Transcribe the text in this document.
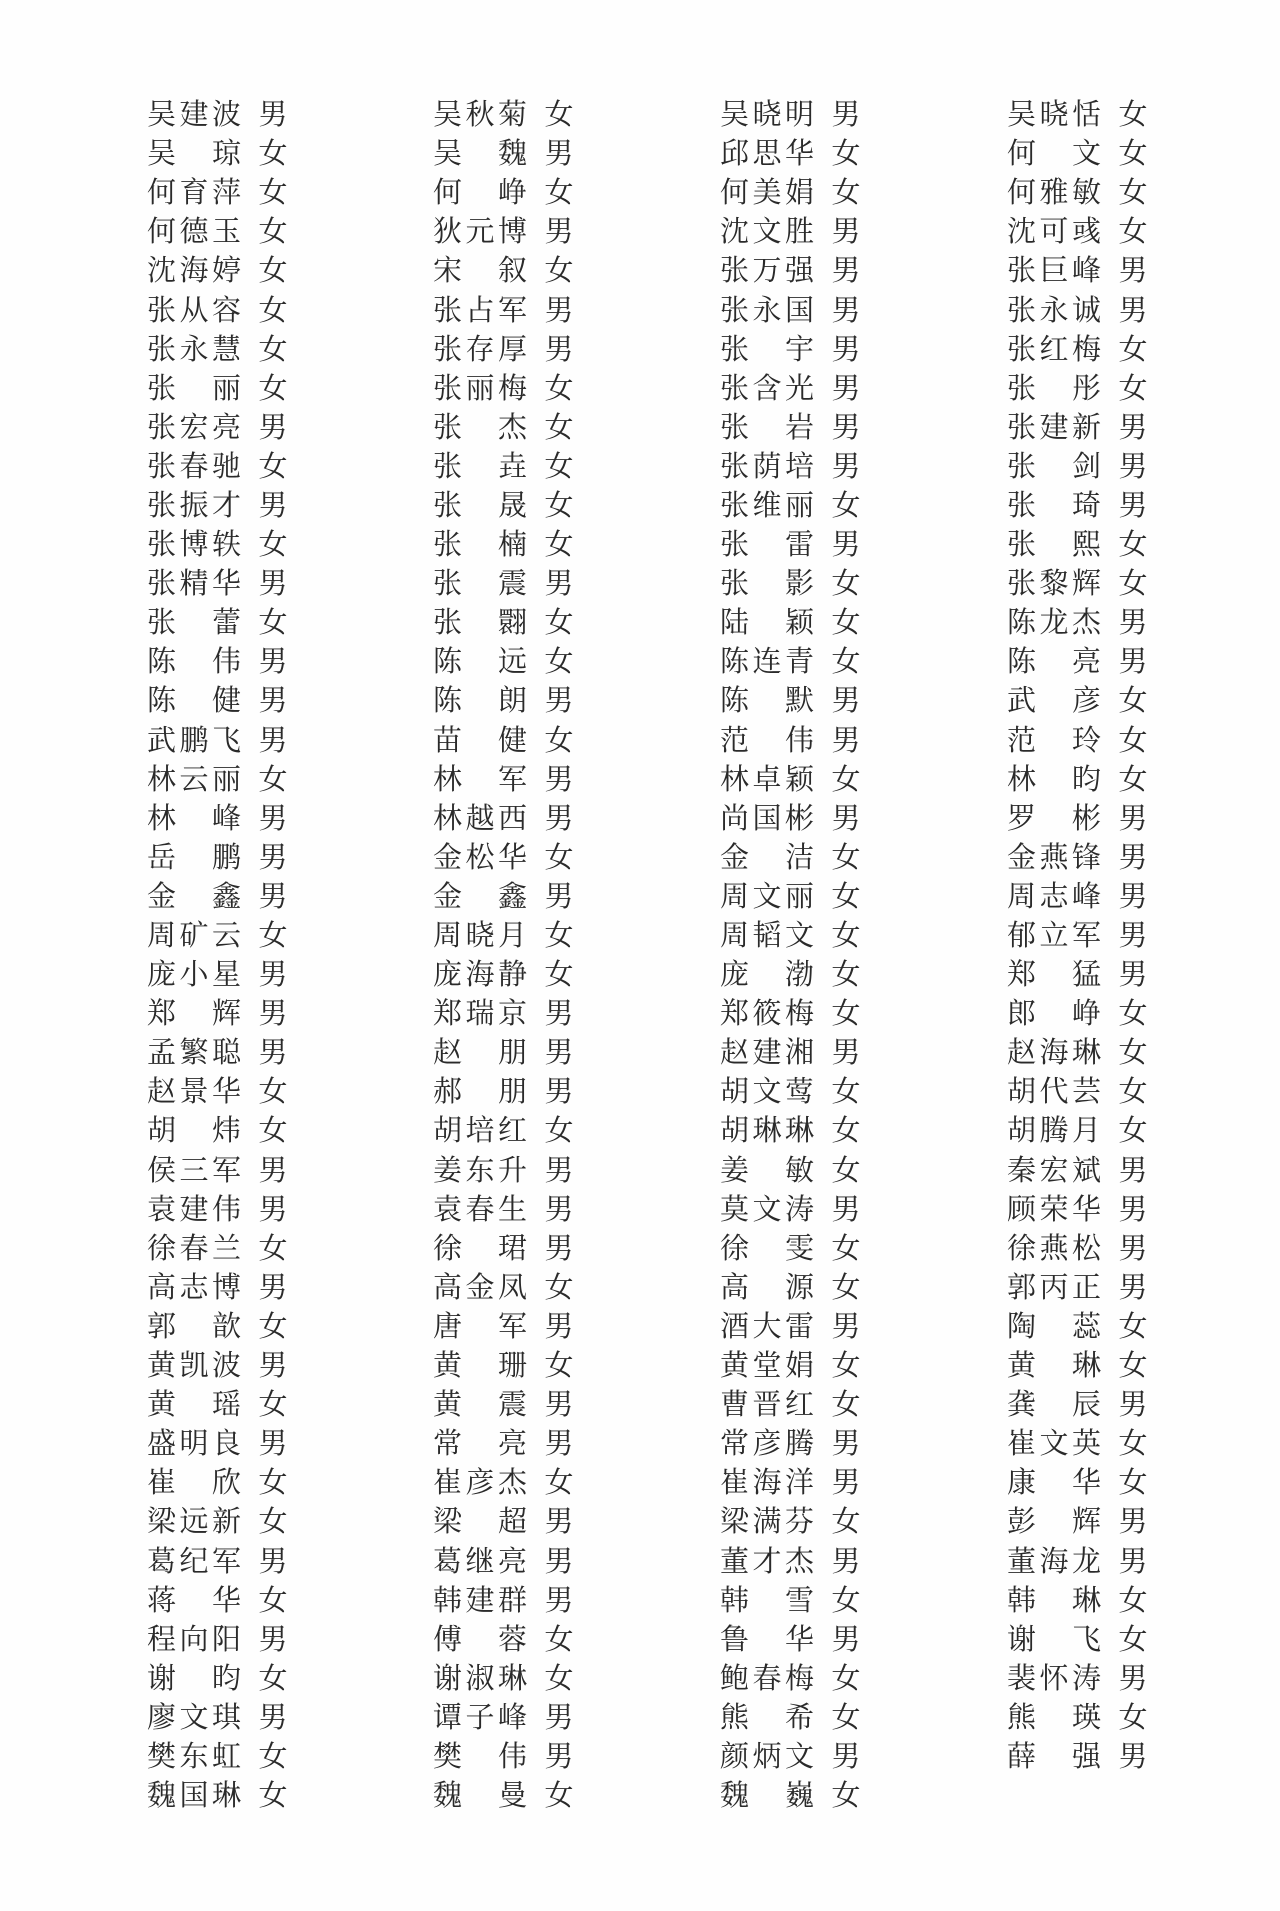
吴建波 男
吴琼 女
何育萍 女
何德玉 女
沈海婷 女
张从容 女
张永慧 女
张丽 女
张宏亮 男
张春驰 女
张振才 男
张博轶 女
张精华 男
张蕾 女
陈伟 男
陈健 男
武鹏飞 男
林云丽 女
林峰 男
岳鹏 男
金鑫 男
周矿云 女
庞小星 男
郑辉 男
孟繁聪 男
赵景华 女
胡炜 女
侯三军 男
袁建伟 男
徐春兰 女
高志博 男
郭歆 女
黄凯波 男
黄瑶 女
盛明良 男
崔欣 女
梁远新 女
葛纪军 男
蒋华 女
程向阳 男
谢昀 女
廖文琪 男
樊东虹 女
魏国琳 女
吴秋菊 女
吴魏 男
何峥 女
狄元博 男
宋叙 女
张占军 男
张存厚 男
张丽梅 女
张杰 女
张垚 女
张晟 女
张楠 女
张震 男
张翾 女
陈远 女
陈朗 男
苗健 女
林军 男
林越西 男
金松华 女
金鑫 男
周晓月 女
庞海静 女
郑瑞京 男
赵朋 男
郝朋 男
胡培红 女
姜东升 男
袁春生 男
徐珺 男
高金凤 女
唐军 男
黄珊 女
黄震 男
常亮 男
崔彦杰 女
梁超 男
葛继亮 男
韩建群 男
傅蓉 女
谢淑琳 女
谭子峰 男
樊伟 男
魏曼 女
吴晓明 男
邱思华 女
何美娟 女
沈文胜 男
张万强 男
张永国 男
张宇 男
张含光 男
张岩 男
张荫培 男
张维丽 女
张雷 男
张影 女
陆颖 女
陈连青 女
陈默 男
范伟 男
林卓颖 女
尚国彬 男
金洁 女
周文丽 女
周韬文 女
庞渤 女
郑筱梅 女
赵建湘 男
胡文莺 女
胡琳琳 女
姜敏 女
莫文涛 男
徐雯 女
高源 女
酒大雷 男
黄堂娟 女
曹晋红 女
常彦腾 男
崔海洋 男
梁满芬 女
董才杰 男
韩雪 女
鲁华 男
鲍春梅 女
熊希 女
颜炳文 男
魏巍 女
吴晓恬 女
何文 女
何雅敏 女
沈可彧 女
张巨峰 男
张永诚 男
张红梅 女
张彤 女
张建新 男
张剑 男
张琦 男
张熙 女
张黎辉 女
陈龙杰 男
陈亮 男
武彦 女
范玲 女
林昀 女
罗彬 男
金燕锋 男
周志峰 男
郁立军 男
郑猛 男
郎峥 女
赵海琳 女
胡代芸 女
胡腾月 女
秦宏斌 男
顾荣华 男
徐燕松 男
郭丙正 男
陶蕊 女
黄琳 女
龚辰 男
崔文英 女
康华 女
彭辉 男
董海龙 男
韩琳 女
谢飞 女
裴怀涛 男
熊瑛 女
薛强 男
